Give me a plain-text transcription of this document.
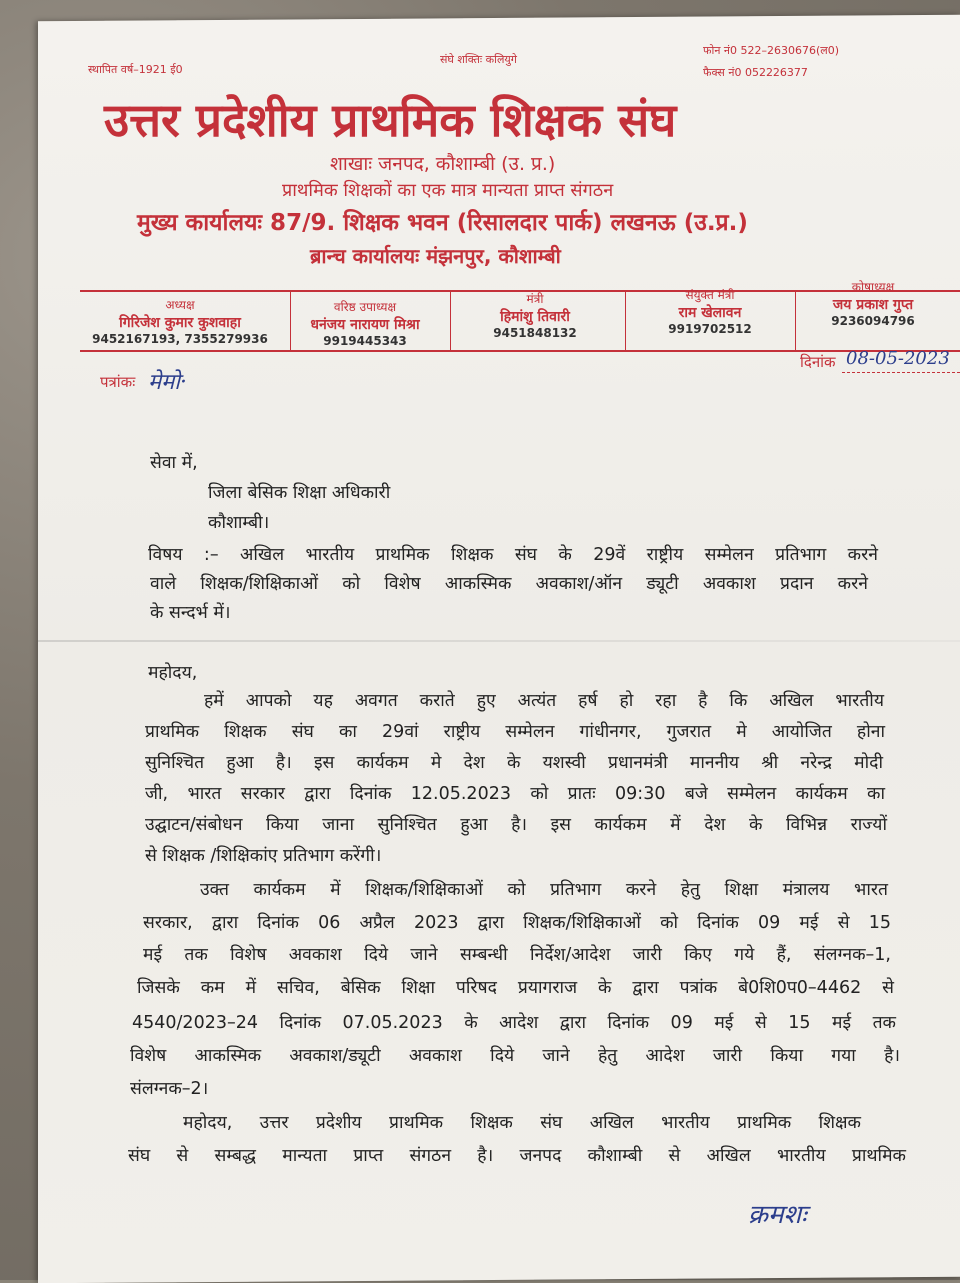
स्थापित वर्ष–1921 ई0
संघे शक्तिः कलियुगे
फोन नं0 522–2630676(ल0)
फैक्स नं0 052226377
उत्तर प्रदेशीय प्राथमिक शिक्षक संघ
शाखाः जनपद, कौशाम्बी (उ. प्र.)
प्राथमिक शिक्षकों का एक मात्र मान्यता प्राप्त संगठन
मुख्य कार्यालयः 87/9. शिक्षक भवन (रिसालदार पार्क) लखनऊ (उ.प्र.)
ब्रान्च कार्यालयः मंझनपुर, कौशाम्बी
अध्यक्ष
गिरिजेश कुमार कुशवाहा
9452167193, 7355279936
वरिष्ठ उपाध्यक्ष
धनंजय नारायण मिश्रा
9919445343
मंत्री
हिमांशु तिवारी
9451848132
संयुक्त मंत्री
राम खेलावन
9919702512
कोषाध्यक्ष
जय प्रकाश गुप्त
9236094796
दिनांक 08-05-2023
पत्रांकः मेमो·
सेवा में,
जिला बेसिक शिक्षा अधिकारी
कौशाम्बी।
विषय :– अखिल भारतीय प्राथमिक शिक्षक संघ के 29वें राष्ट्रीय सम्मेलन प्रतिभाग करने
वाले शिक्षक/शिक्षिकाओं को विशेष आकस्मिक अवकाश/ऑन ड्यूटी अवकाश प्रदान करने
के सन्दर्भ में।
महोदय,
हमें आपको यह अवगत कराते हुए अत्यंत हर्ष हो रहा है कि अखिल भारतीय
प्राथमिक शिक्षक संघ का 29वां राष्ट्रीय सम्मेलन गांधीनगर, गुजरात मे आयोजित होना
सुनिश्चित हुआ है। इस कार्यकम मे देश के यशस्वी प्रधानमंत्री माननीय श्री नरेन्द्र मोदी
जी, भारत सरकार द्वारा दिनांक 12.05.2023 को प्रातः 09:30 बजे सम्मेलन कार्यकम का
उद्घाटन/संबोधन किया जाना सुनिश्चित हुआ है। इस कार्यकम में देश के विभिन्न राज्यों
से शिक्षक /शिक्षिकांए प्रतिभाग करेंगी।
उक्त कार्यकम में शिक्षक/शिक्षिकाओं को प्रतिभाग करने हेतु शिक्षा मंत्रालय भारत
सरकार, द्वारा दिनांक 06 अप्रैल 2023 द्वारा शिक्षक/शिक्षिकाओं को दिनांक 09 मई से 15
मई तक विशेष अवकाश दिये जाने सम्बन्धी निर्देश/आदेश जारी किए गये हैं, संलग्नक–1,
जिसके कम में सचिव, बेसिक शिक्षा परिषद प्रयागराज के द्वारा पत्रांक बे0शि0प0–4462 से
4540/2023–24 दिनांक 07.05.2023 के आदेश द्वारा दिनांक 09 मई से 15 मई तक
विशेष आकस्मिक अवकाश/ड्यूटी अवकाश दिये जाने हेतु आदेश जारी किया गया है।
संलग्नक–2।
महोदय, उत्तर प्रदेशीय प्राथमिक शिक्षक संघ अखिल भारतीय प्राथमिक शिक्षक
संघ से सम्बद्ध मान्यता प्राप्त संगठन है। जनपद कौशाम्बी से अखिल भारतीय प्राथमिक
क्रमशः
